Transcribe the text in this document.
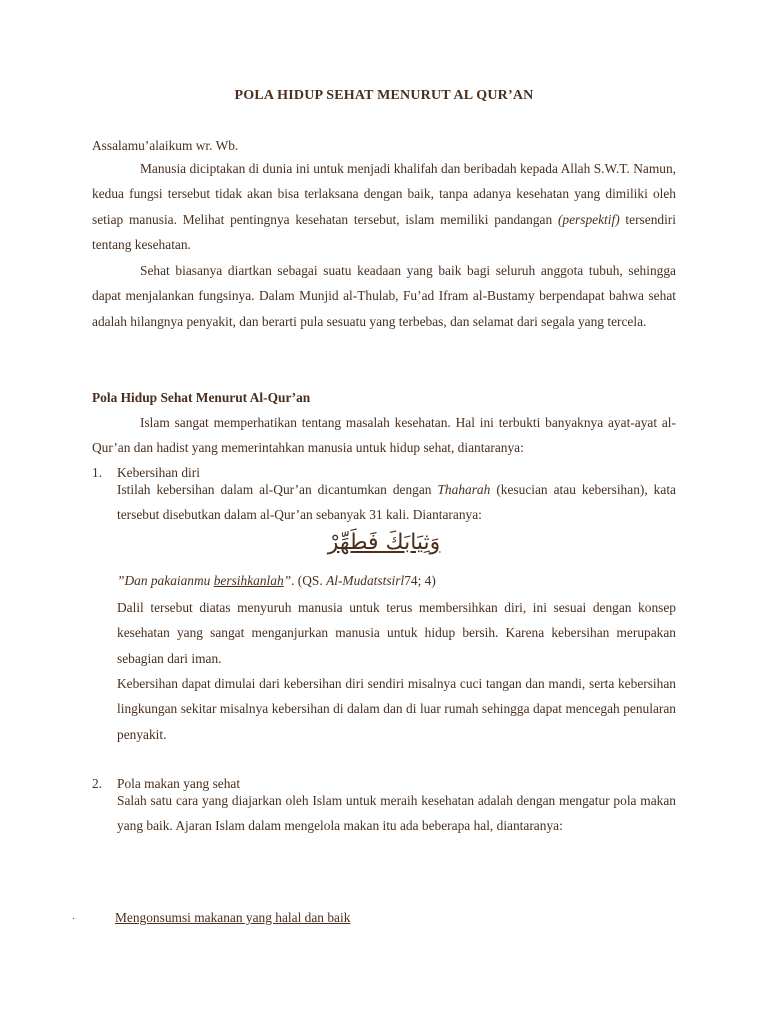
POLA HIDUP SEHAT MENURUT AL QUR’AN
Assalamu’alaikum wr. Wb.

Manusia diciptakan di dunia ini untuk menjadi khalifah dan beribadah kepada Allah S.W.T. Namun, kedua fungsi tersebut tidak akan bisa terlaksana dengan baik, tanpa adanya kesehatan yang dimiliki oleh setiap manusia. Melihat pentingnya kesehatan tersebut, islam memiliki pandangan (perspektif) tersendiri tentang kesehatan.

Sehat biasanya diartkan sebagai suatu keadaan yang baik bagi seluruh anggota tubuh, sehingga dapat menjalankan fungsinya. Dalam Munjid al-Thulab, Fu’ad Ifram al-Bustamy berpendapat bahwa sehat adalah hilangnya penyakit, dan berarti pula sesuatu yang terbebas, dan selamat dari segala yang tercela.

Pola Hidup Sehat Menurut Al-Qur’an

Islam sangat memperhatikan tentang masalah kesehatan. Hal ini terbukti banyaknya ayat-ayat al-Qur’an dan hadist yang memerintahkan manusia untuk hidup sehat, diantaranya:

1. Kebersihan diri

Istilah kebersihan dalam al-Qur’an dicantumkan dengan Thaharah (kesucian atau kebersihan), kata tersebut disebutkan dalam al-Qur’an sebanyak 31 kali. Diantaranya:

وَثِيَابَكَ فَطَهِّرْ
”Dan pakaianmu bersihkanlah”. (QS. Al-Mudatstsirl74; 4)

Dalil tersebut diatas menyuruh manusia untuk terus membersihkan diri, ini sesuai dengan konsep kesehatan yang sangat menganjurkan manusia untuk hidup bersih. Karena kebersihan merupakan sebagian dari iman.

Kebersihan dapat dimulai dari kebersihan diri sendiri misalnya cuci tangan dan mandi, serta kebersihan lingkungan sekitar misalnya kebersihan di dalam dan di luar rumah sehingga dapat mencegah penularan penyakit.

2. Pola makan yang sehat

Salah satu cara yang diajarkan oleh Islam untuk meraih kesehatan adalah dengan mengatur pola makan yang baik. Ajaran Islam dalam mengelola makan itu ada beberapa hal, diantaranya:

·	Mengonsumsi makanan yang halal dan baik
